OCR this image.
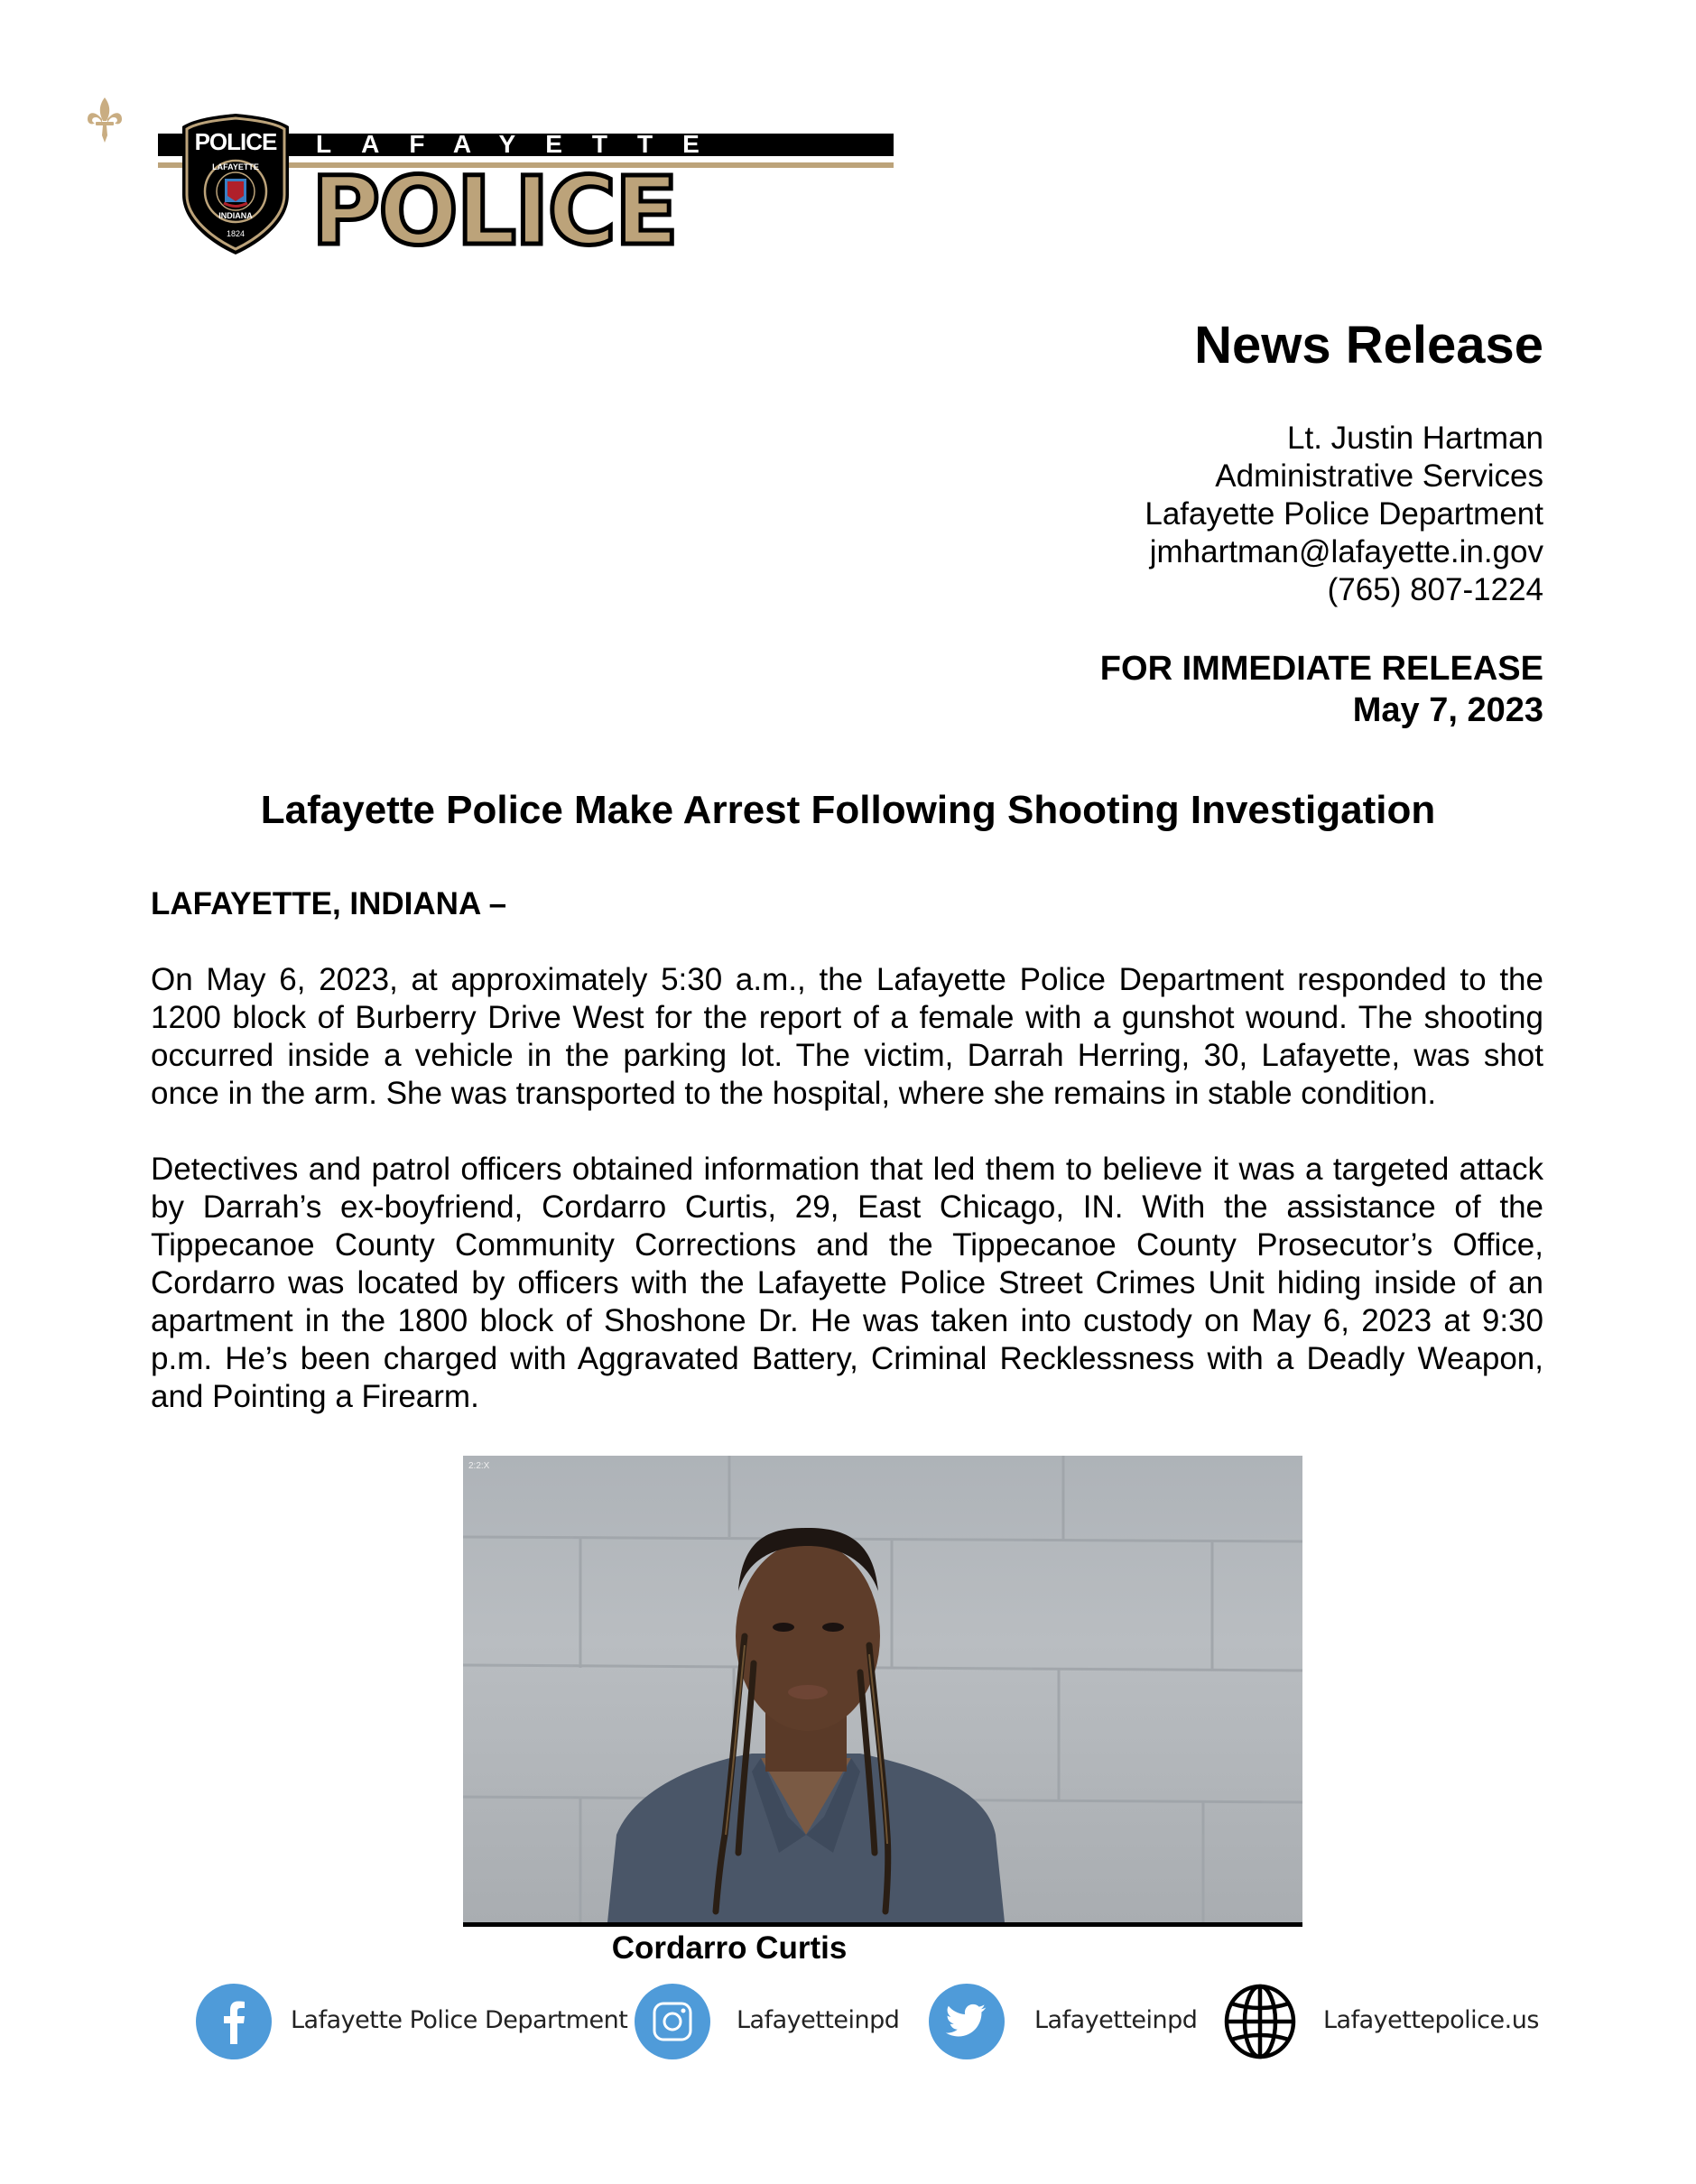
LAFAYETTE
POLICE
POLICE
LAFAYETTE
INDIANA
1824
News Release
Lt. Justin Hartman
Administrative Services
Lafayette Police Department
jmhartman@lafayette.in.gov
(765) 807-1224
FOR IMMEDIATE RELEASE
May 7, 2023
Lafayette Police Make Arrest Following Shooting Investigation
LAFAYETTE, INDIANA –
On May 6, 2023, at approximately 5:30 a.m., the Lafayette Police Department responded to the 1200 block of Burberry Drive West for the report of a female with a gunshot wound. The shooting occurred inside a vehicle in the parking lot. The victim, Darrah Herring, 30, Lafayette, was shot once in the arm. She was transported to the hospital, where she remains in stable condition.
Detectives and patrol officers obtained information that led them to believe it was a targeted attack by Darrah’s ex-boyfriend, Cordarro Curtis, 29, East Chicago, IN. With the assistance of the Tippecanoe County Community Corrections and the Tippecanoe County Prosecutor’s Office, Cordarro was located by officers with the Lafayette Police Street Crimes Unit hiding inside of an apartment in the 1800 block of Shoshone Dr. He was taken into custody on May 6, 2023 at 9:30 p.m. He’s been charged with Aggravated Battery, Criminal Recklessness with a Deadly Weapon, and Pointing a Firearm.
2:2:X
Cordarro Curtis
Lafayette Police Department	Lafayetteinpd	Lafayetteinpd	Lafayettepolice.us
